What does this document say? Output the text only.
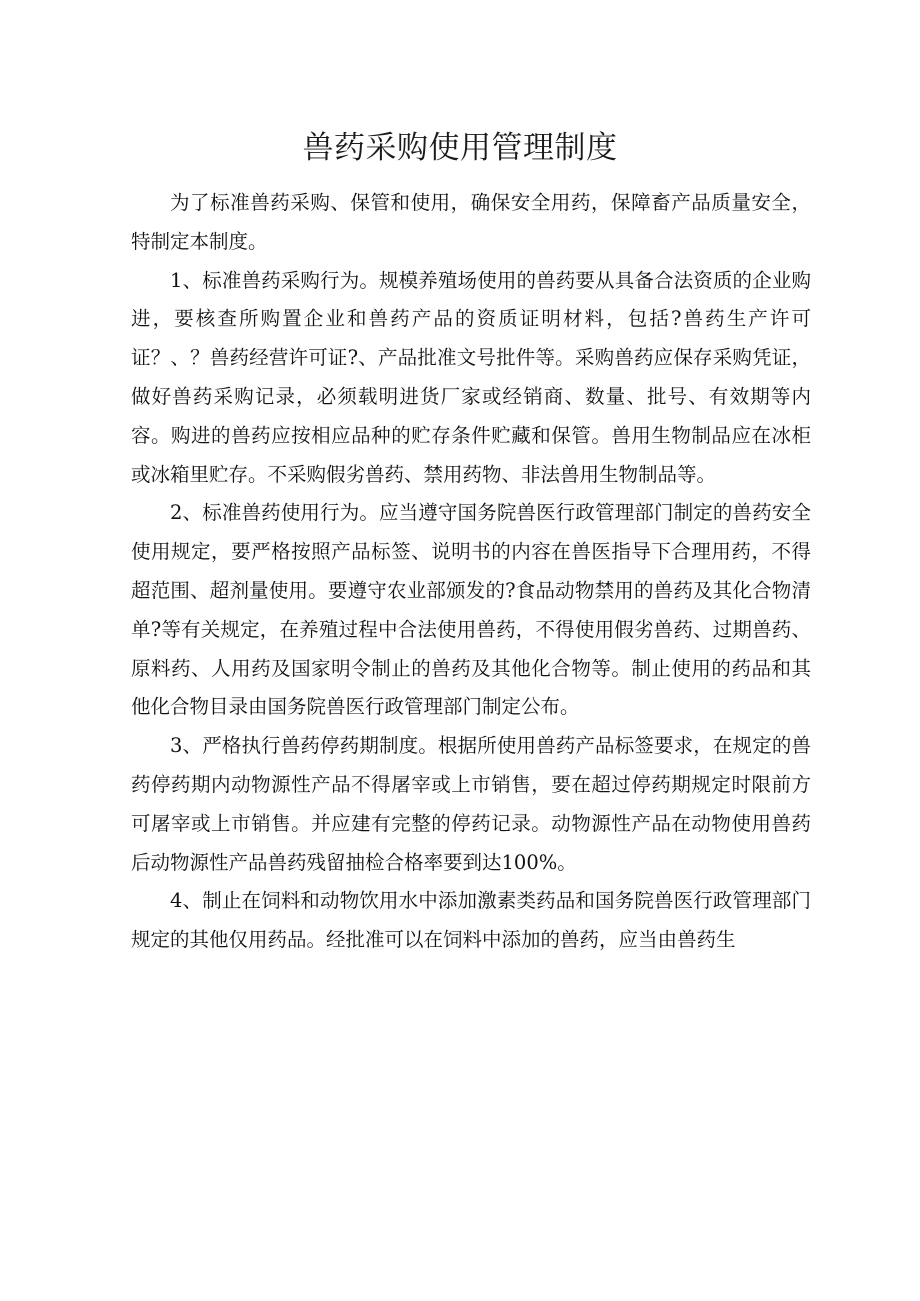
兽药采购使用管理制度

为了标准兽药采购、保管和使用，确保安全用药，保障畜产品质量安全，特制定本制度。

1、标准兽药采购行为。规模养殖场使用的兽药要从具备合法资质的企业购进，要核查所购置企业和兽药产品的资质证明材料，包括?兽药生产许可证？、？兽药经营许可证?、产品批准文号批件等。采购兽药应保存采购凭证，做好兽药采购记录，必须载明进货厂家或经销商、数量、批号、有效期等内容。购进的兽药应按相应品种的贮存条件贮藏和保管。兽用生物制品应在冰柜或冰箱里贮存。不采购假劣兽药、禁用药物、非法兽用生物制品等。

2、标准兽药使用行为。应当遵守国务院兽医行政管理部门制定的兽药安全使用规定，要严格按照产品标签、说明书的内容在兽医指导下合理用药，不得超范围、超剂量使用。要遵守农业部颁发的?食品动物禁用的兽药及其化合物清单?等有关规定，在养殖过程中合法使用兽药，不得使用假劣兽药、过期兽药、原料药、人用药及国家明令制止的兽药及其他化合物等。制止使用的药品和其他化合物目录由国务院兽医行政管理部门制定公布。

3、严格执行兽药停药期制度。根据所使用兽药产品标签要求，在规定的兽药停药期内动物源性产品不得屠宰或上市销售，要在超过停药期规定时限前方可屠宰或上市销售。并应建有完整的停药记录。动物源性产品在动物使用兽药后动物源性产品兽药残留抽检合格率要到达100%。

4、制止在饲料和动物饮用水中添加激素类药品和国务院兽医行政管理部门规定的其他仅用药品。经批准可以在饲料中添加的兽药，应当由兽药生
